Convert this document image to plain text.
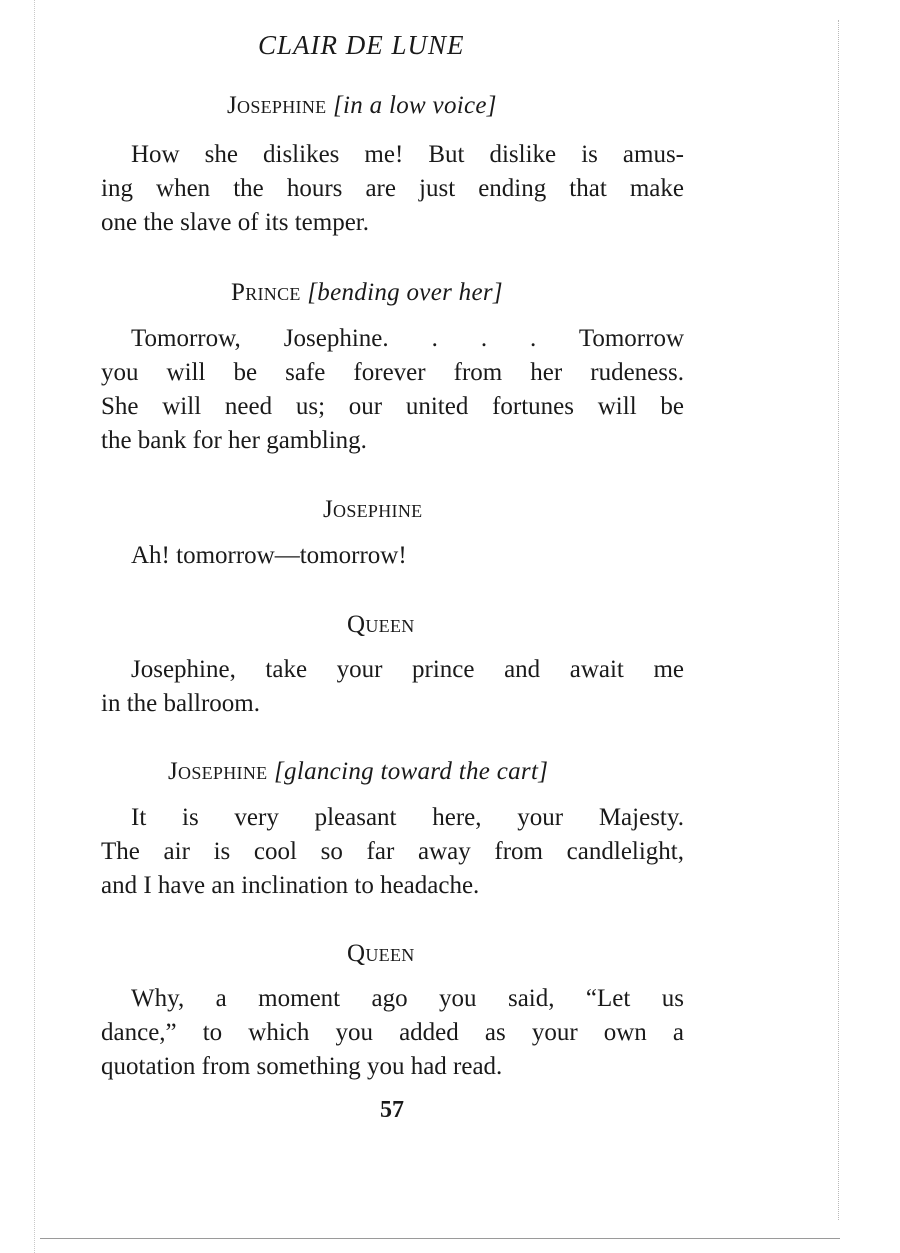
CLAIR DE LUNE
Josephine [in a low voice]
How she dislikes me! But dislike is amus-
ing when the hours are just ending that make
one the slave of its temper.
Prince [bending over her]
Tomorrow, Josephine. . . . Tomorrow
you will be safe forever from her rudeness.
She will need us; our united fortunes will be
the bank for her gambling.
Josephine
Ah! tomorrow—tomorrow!
Queen
Josephine, take your prince and await me
in the ballroom.
Josephine [glancing toward the cart]
It is very pleasant here, your Majesty.
The air is cool so far away from candlelight,
and I have an inclination to headache.
Queen
Why, a moment ago you said, “Let us
dance,” to which you added as your own a
quotation from something you had read.
57
